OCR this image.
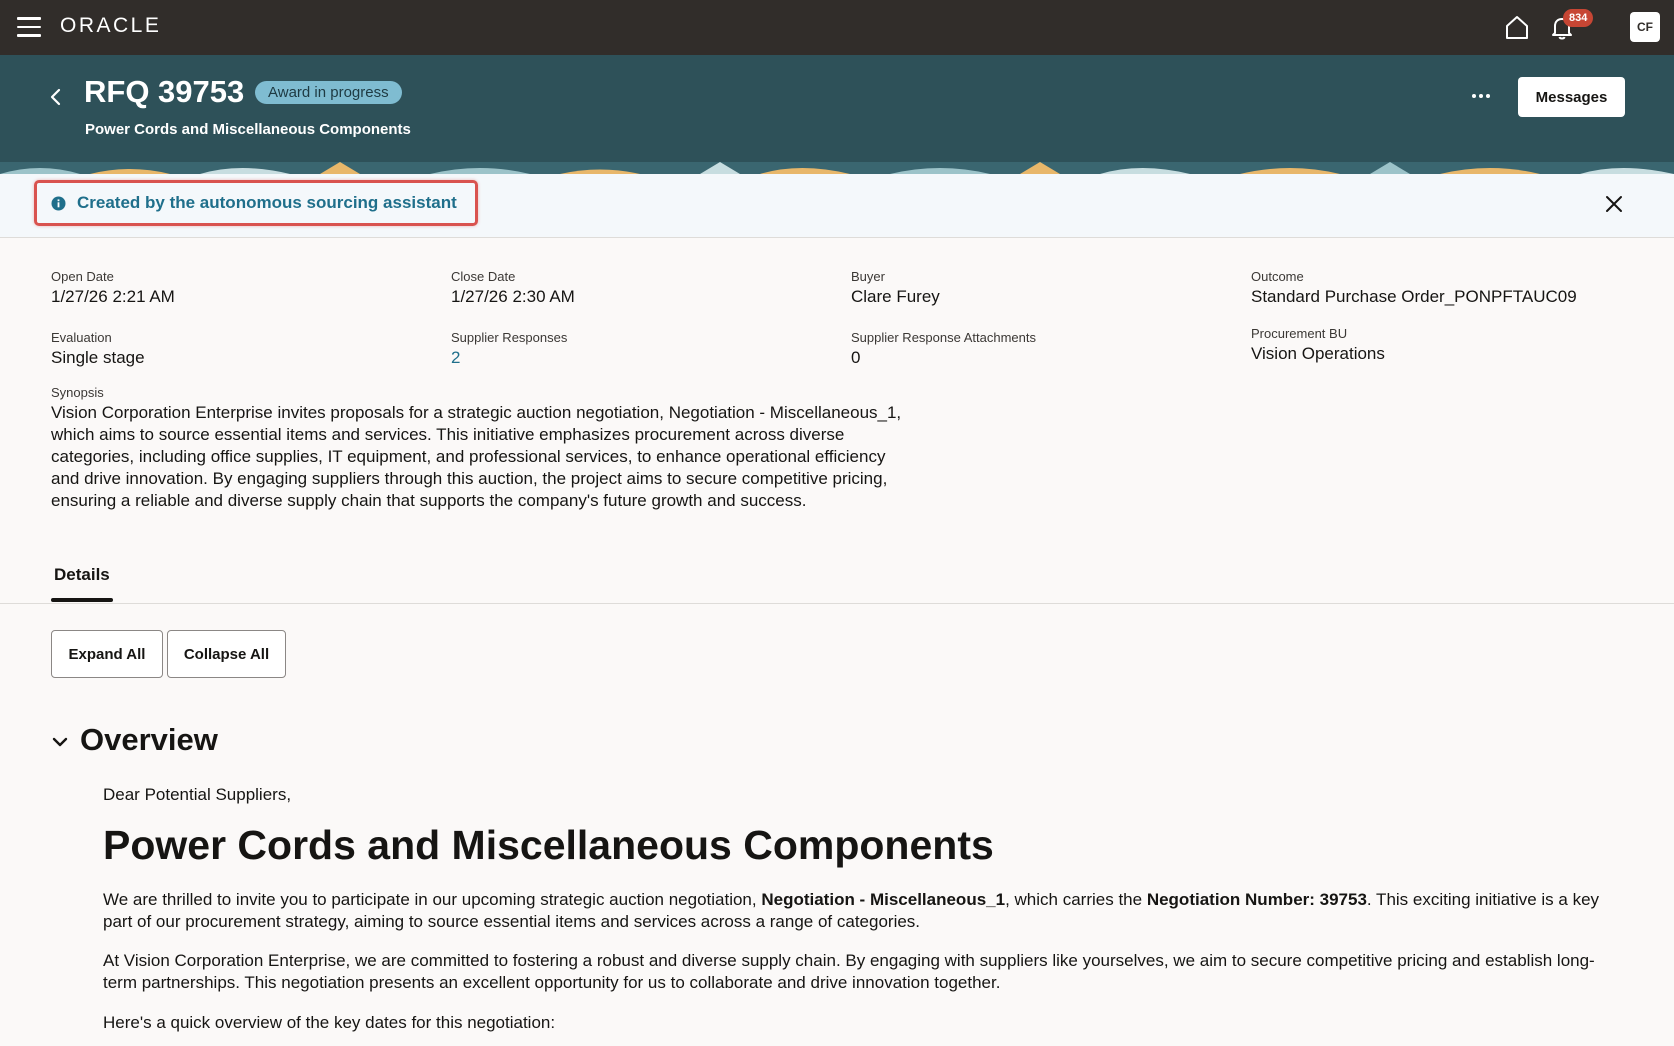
ORACLE	834
CF
RFQ 39753	Award in progress
Power Cords and Miscellaneous Components
Messages
Created by the autonomous sourcing assistant
Open Date
1/27/26 2:21 AM
Close Date
1/27/26 2:30 AM
Buyer
Clare Furey
Outcome
Standard Purchase Order_PONPFTAUC09
Evaluation
Single stage
Supplier Responses
2
Supplier Response Attachments
0
Procurement BU
Vision Operations
Synopsis
Vision Corporation Enterprise invites proposals for a strategic auction negotiation, Negotiation - Miscellaneous_1, which aims to source essential items and services. This initiative emphasizes procurement across diverse categories, including office supplies, IT equipment, and professional services, to enhance operational efficiency and drive innovation. By engaging suppliers through this auction, the project aims to secure competitive pricing, ensuring a reliable and diverse supply chain that supports the company's future growth and success.
Details
Expand All	Collapse All
Overview
Dear Potential Suppliers,
Power Cords and Miscellaneous Components
We are thrilled to invite you to participate in our upcoming strategic auction negotiation, Negotiation - Miscellaneous_1, which carries the Negotiation Number: 39753. This exciting initiative is a key part of our procurement strategy, aiming to source essential items and services across a range of categories.
At Vision Corporation Enterprise, we are committed to fostering a robust and diverse supply chain. By engaging with suppliers like yourselves, we aim to secure competitive pricing and establish long-term partnerships. This negotiation presents an excellent opportunity for us to collaborate and drive innovation together.
Here's a quick overview of the key dates for this negotiation:
